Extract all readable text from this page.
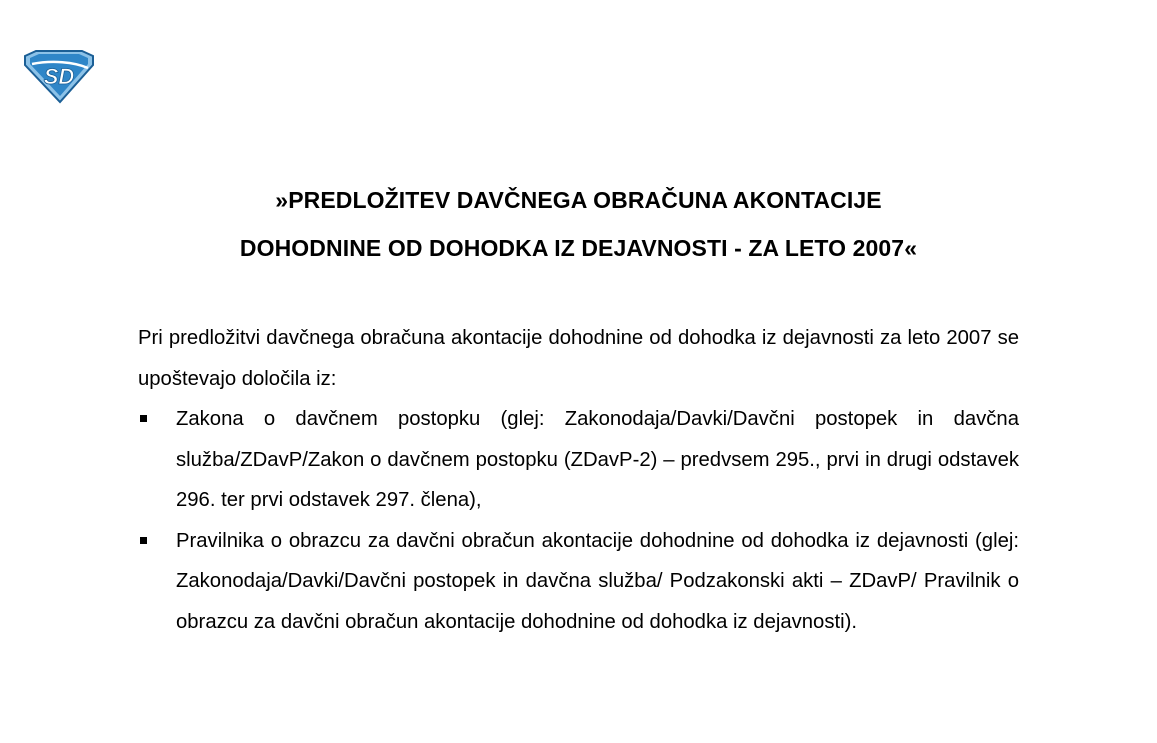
SD
»PREDLOŽITEV DAVČNEGA OBRAČUNA AKONTACIJE
DOHODNINE OD DOHODKA IZ DEJAVNOSTI - ZA LETO 2007«

Pri predložitvi davčnega obračuna akontacije dohodnine od dohodka iz dejavnosti za leto 2007 se upoštevajo določila iz:

Zakona o davčnem postopku (glej: Zakonodaja/Davki/Davčni postopek in davčna služba/ZDavP/Zakon o davčnem postopku (ZDavP-2) – predvsem 295., prvi in drugi odstavek 296. ter prvi odstavek 297. člena),
Pravilnika o obrazcu za davčni obračun akontacije dohodnine od dohodka iz dejavnosti (glej: Zakonodaja/Davki/Davčni postopek in davčna služba/ Podzakonski akti – ZDavP/ Pravilnik o obrazcu za davčni obračun akontacije dohodnine od dohodka iz dejavnosti).
